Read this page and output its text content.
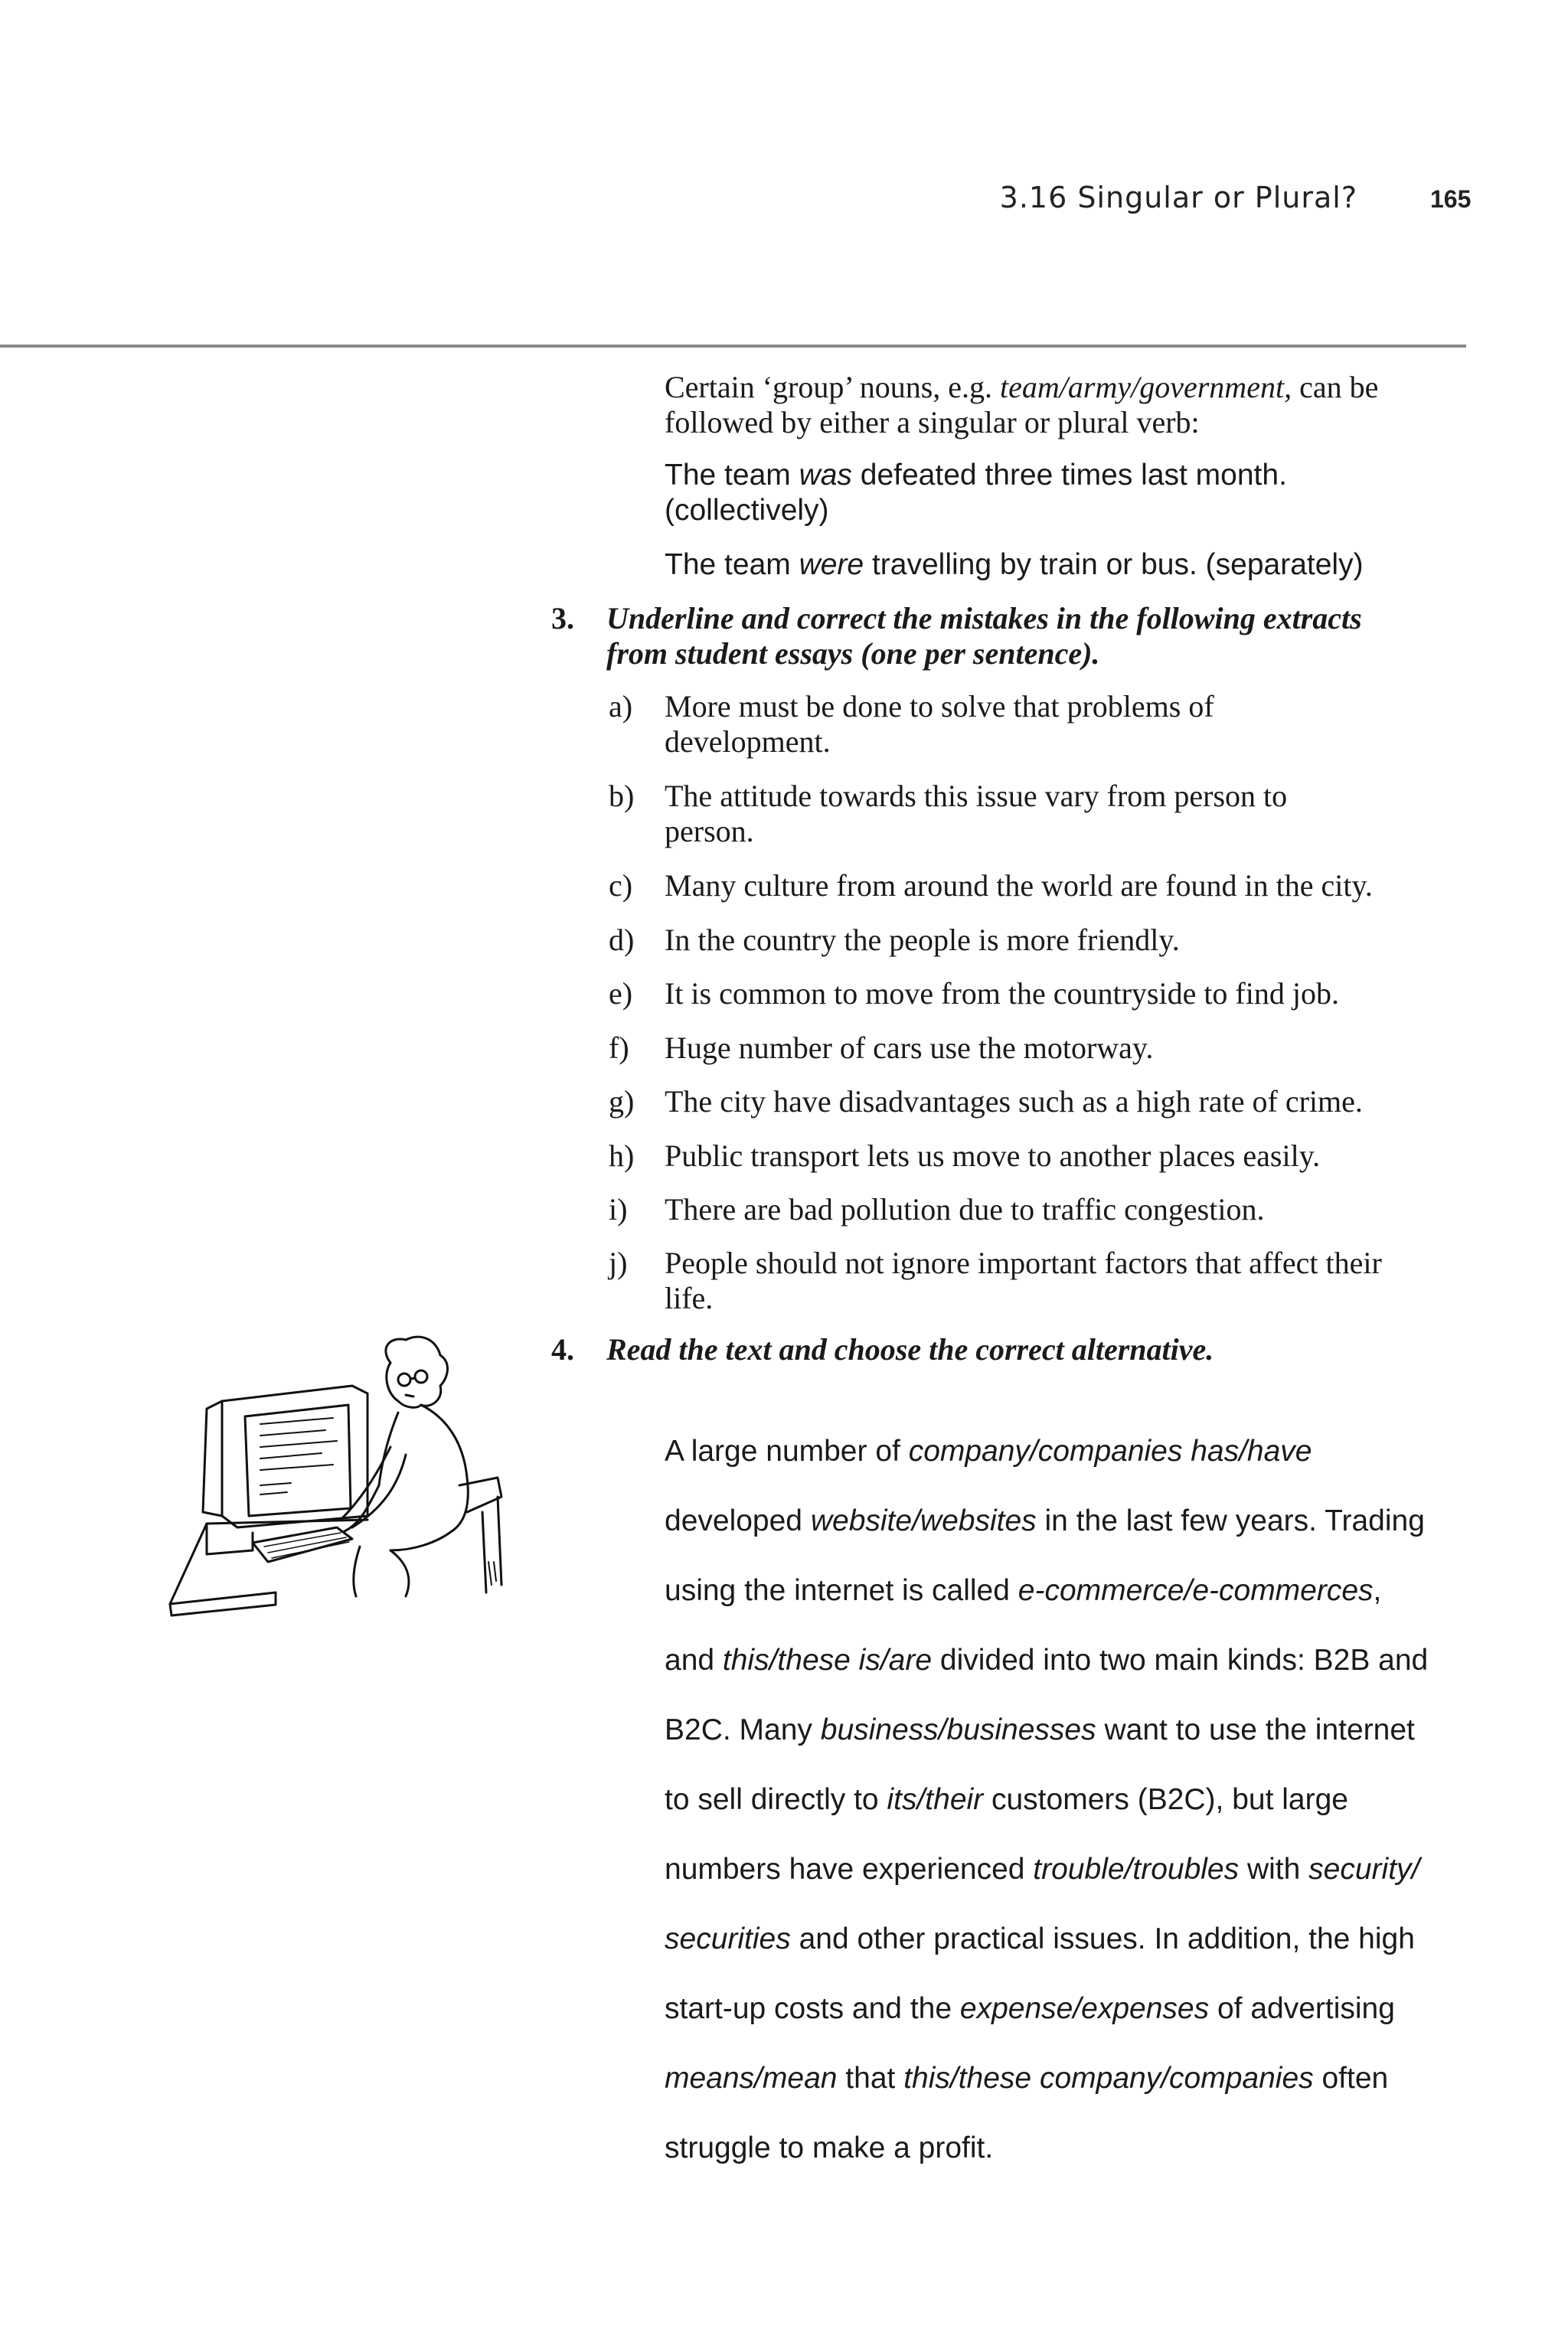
3.16 Singular or Plural?	165
Certain ‘group’ nouns, e.g. team/army/government, can be
followed by either a singular or plural verb:
The team was defeated three times last month.
(collectively)
The team were travelling by train or bus. (separately)
3. Underline and correct the mistakes in the following extracts
from student essays (one per sentence).
a) More must be done to solve that problems of
development.
b) The attitude towards this issue vary from person to
person.
c) Many culture from around the world are found in the city.
d) In the country the people is more friendly.
e) It is common to move from the countryside to find job.
f) Huge number of cars use the motorway.
g) The city have disadvantages such as a high rate of crime.
h) Public transport lets us move to another places easily.
i) There are bad pollution due to traffic congestion.
j) People should not ignore important factors that affect their
life.
4. Read the text and choose the correct alternative.

A large number of company/companies has/have

developed website/websites in the last few years. Trading

using the internet is called e-commerce/e-commerces,

and this/these is/are divided into two main kinds: B2B and

B2C. Many business/businesses want to use the internet

to sell directly to its/their customers (B2C), but large

numbers have experienced trouble/troubles with security/

securities and other practical issues. In addition, the high

start-up costs and the expense/expenses of advertising

means/mean that this/these company/companies often

struggle to make a profit.
